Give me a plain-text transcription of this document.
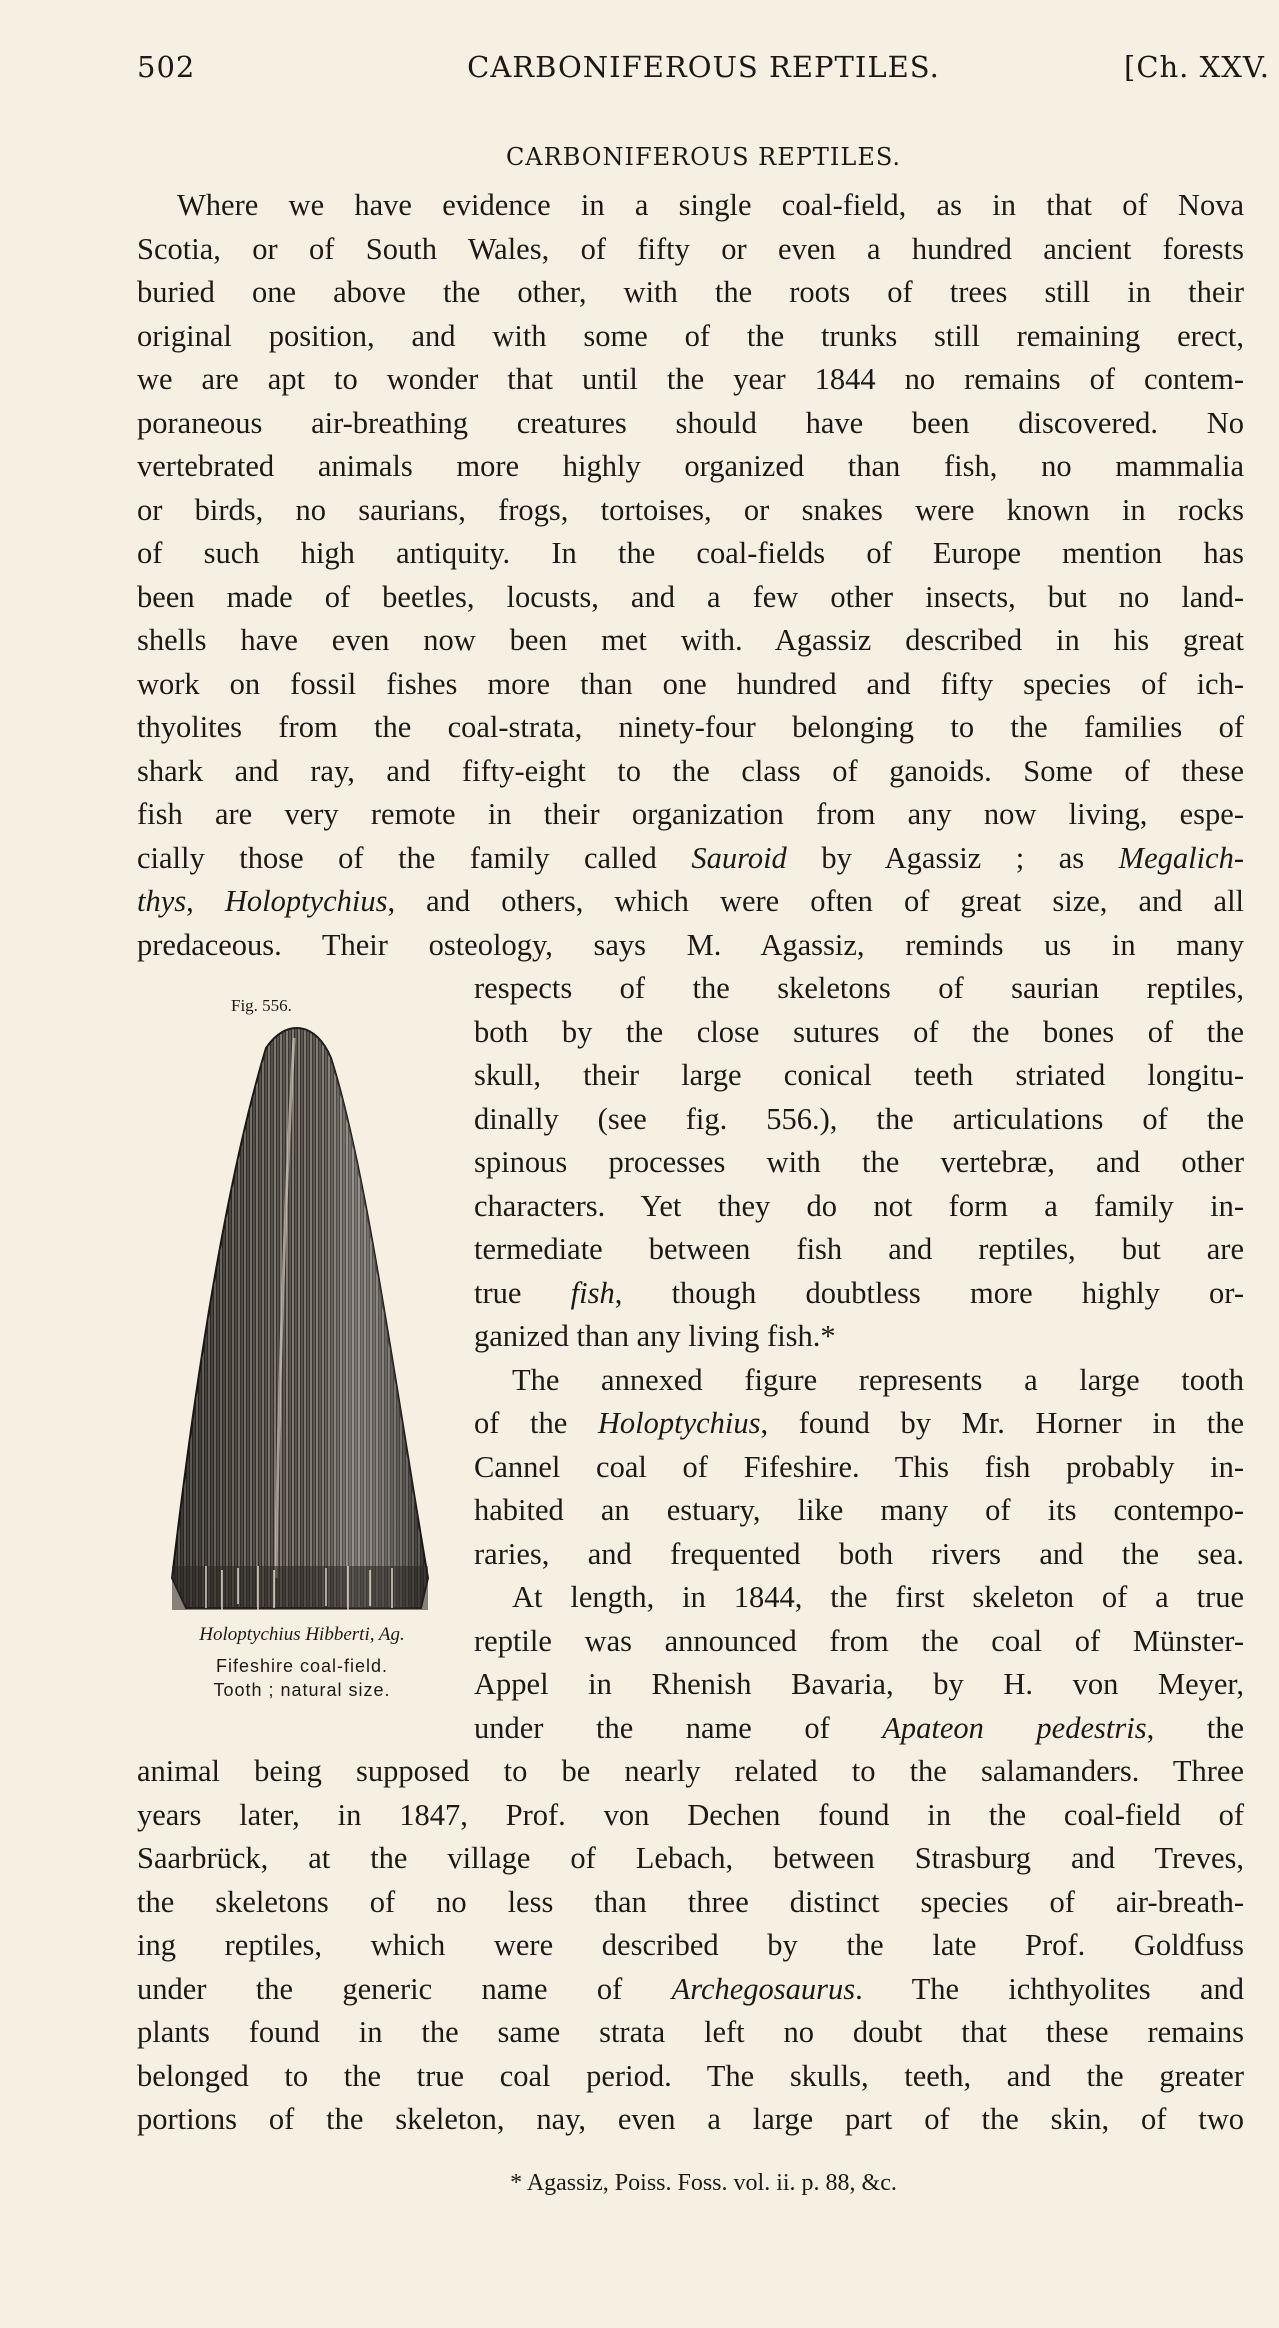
502	CARBONIFEROUS REPTILES.	[Ch. XXV.
CARBONIFEROUS REPTILES.
Where we have evidence in a single coal-field, as in that of Nova
Scotia, or of South Wales, of fifty or even a hundred ancient forests
buried one above the other, with the roots of trees still in their
original position, and with some of the trunks still remaining erect,
we are apt to wonder that until the year 1844 no remains of contem-
poraneous air-breathing creatures should have been discovered. No
vertebrated animals more highly organized than fish, no mammalia
or birds, no saurians, frogs, tortoises, or snakes were known in rocks
of such high antiquity. In the coal-fields of Europe mention has
been made of beetles, locusts, and a few other insects, but no land-
shells have even now been met with. Agassiz described in his great
work on fossil fishes more than one hundred and fifty species of ich-
thyolites from the coal-strata, ninety-four belonging to the families of
shark and ray, and fifty-eight to the class of ganoids. Some of these
fish are very remote in their organization from any now living, espe-
cially those of the family called Sauroid by Agassiz ; as Megalich-
thys, Holoptychius, and others, which were often of great size, and all
predaceous. Their osteology, says M. Agassiz, reminds us in many
respects of the skeletons of saurian reptiles,
both by the close sutures of the bones of the
skull, their large conical teeth striated longitu-
dinally (see fig. 556.), the articulations of the
spinous processes with the vertebræ, and other
characters. Yet they do not form a family in-
termediate between fish and reptiles, but are
true fish, though doubtless more highly or-
ganized than any living fish.*
The annexed figure represents a large tooth
of the Holoptychius, found by Mr. Horner in the
Cannel coal of Fifeshire. This fish probably in-
habited an estuary, like many of its contempo-
raries, and frequented both rivers and the sea.
At length, in 1844, the first skeleton of a true
reptile was announced from the coal of Münster-
Appel in Rhenish Bavaria, by H. von Meyer,
under the name of Apateon pedestris, the
animal being supposed to be nearly related to the salamanders. Three
years later, in 1847, Prof. von Dechen found in the coal-field of
Saarbrück, at the village of Lebach, between Strasburg and Treves,
the skeletons of no less than three distinct species of air-breath-
ing reptiles, which were described by the late Prof. Goldfuss
under the generic name of Archegosaurus. The ichthyolites and
plants found in the same strata left no doubt that these remains
belonged to the true coal period. The skulls, teeth, and the greater
portions of the skeleton, nay, even a large part of the skin, of two
Fig. 556.
Holoptychius Hibberti, Ag.
Fifeshire coal-field.
Tooth ; natural size.
* Agassiz, Poiss. Foss. vol. ii. p. 88, &c.
